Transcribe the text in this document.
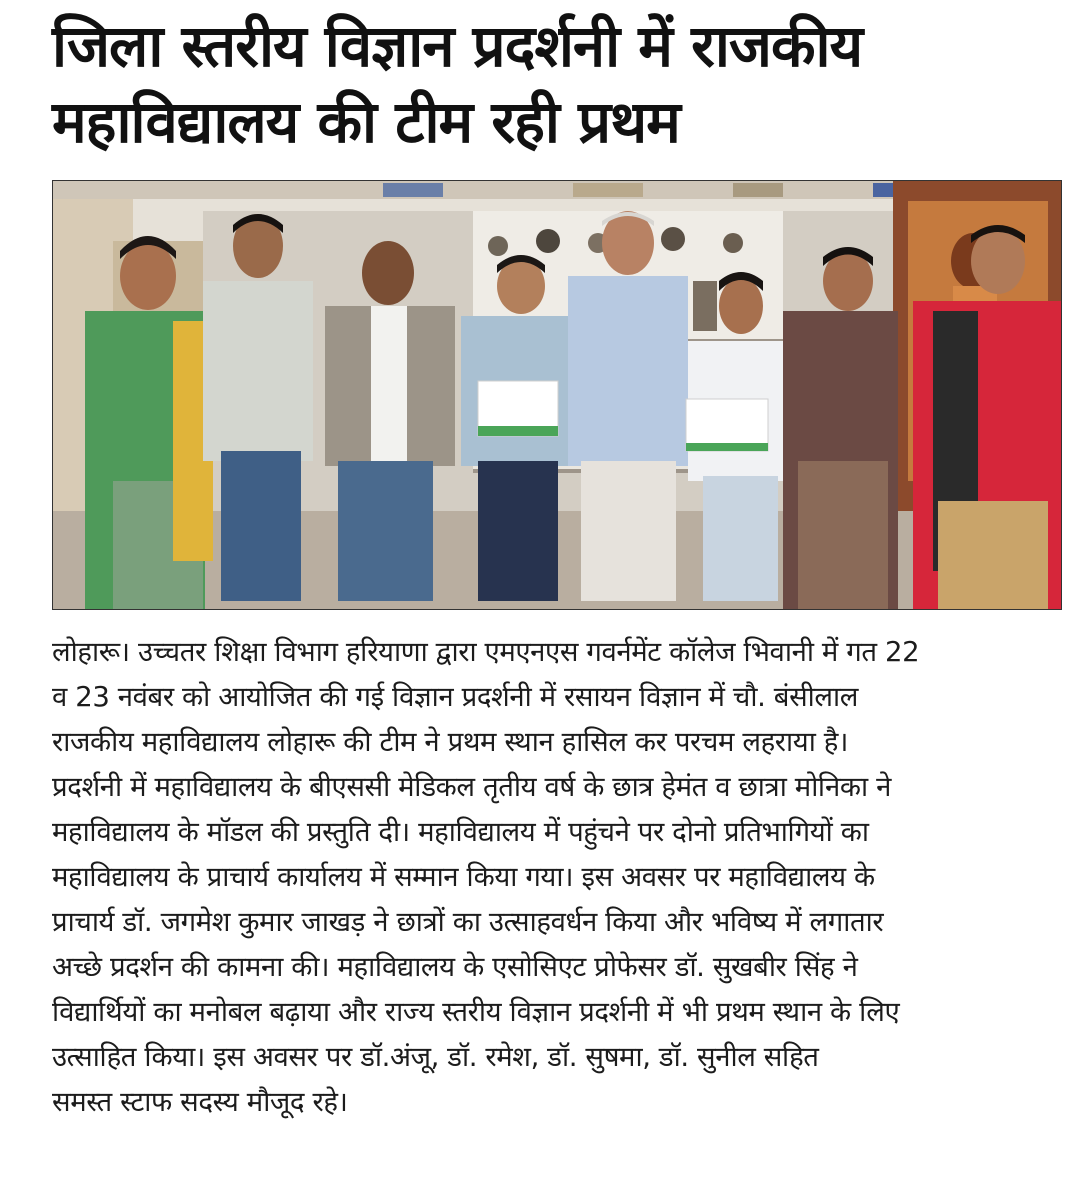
जिला स्तरीय विज्ञान प्रदर्शनी में राजकीय
महाविद्यालय की टीम रही प्रथम
लोहारू। उच्चतर शिक्षा विभाग हरियाणा द्वारा एमएनएस गवर्नमेंट कॉलेज भिवानी में गत 22
व 23 नवंबर को आयोजित की गई विज्ञान प्रदर्शनी में रसायन विज्ञान में चौ. बंसीलाल
राजकीय महाविद्यालय लोहारू की टीम ने प्रथम स्थान हासिल कर परचम लहराया है।
प्रदर्शनी में महाविद्यालय के बीएससी मेडिकल तृतीय वर्ष के छात्र हेमंत व छात्रा मोनिका ने
महाविद्यालय के मॉडल की प्रस्तुति दी। महाविद्यालय में पहुंचने पर दोनो प्रतिभागियों का
महाविद्यालय के प्राचार्य कार्यालय में सम्मान किया गया। इस अवसर पर महाविद्यालय के
प्राचार्य डॉ. जगमेश कुमार जाखड़ ने छात्रों का उत्साहवर्धन किया और भविष्य में लगातार
अच्छे प्रदर्शन की कामना की। महाविद्यालय के एसोसिएट प्रोफेसर डॉ. सुखबीर सिंह ने
विद्यार्थियों का मनोबल बढ़ाया और राज्य स्तरीय विज्ञान प्रदर्शनी में भी प्रथम स्थान के लिए
उत्साहित किया। इस अवसर पर डॉ.अंजू, डॉ. रमेश, डॉ. सुषमा, डॉ. सुनील सहित
समस्त स्टाफ सदस्य मौजूद रहे।
